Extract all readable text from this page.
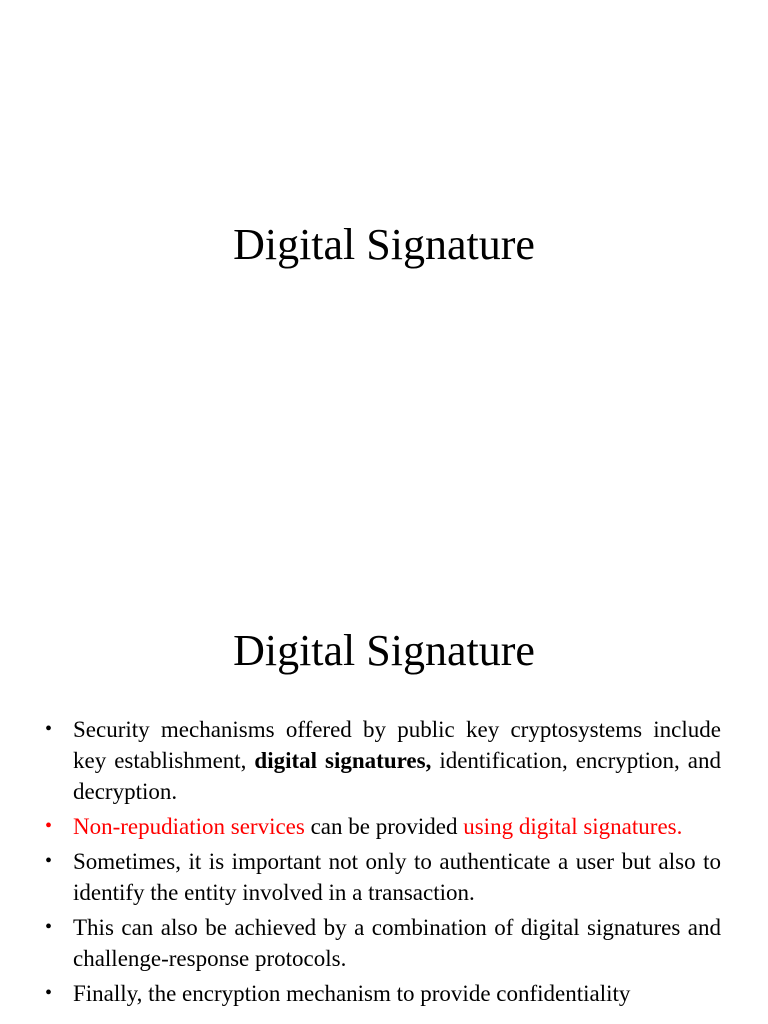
Digital Signature
Digital Signature
• Security mechanisms offered by public key cryptosystems include key establishment, digital signatures, identification, encryption, and decryption.
• Non-repudiation services can be provided using digital signatures.
• Sometimes, it is important not only to authenticate a user but also to identify the entity involved in a transaction.
• This can also be achieved by a combination of digital signatures and challenge-response protocols.
• Finally, the encryption mechanism to provide confidentiality
